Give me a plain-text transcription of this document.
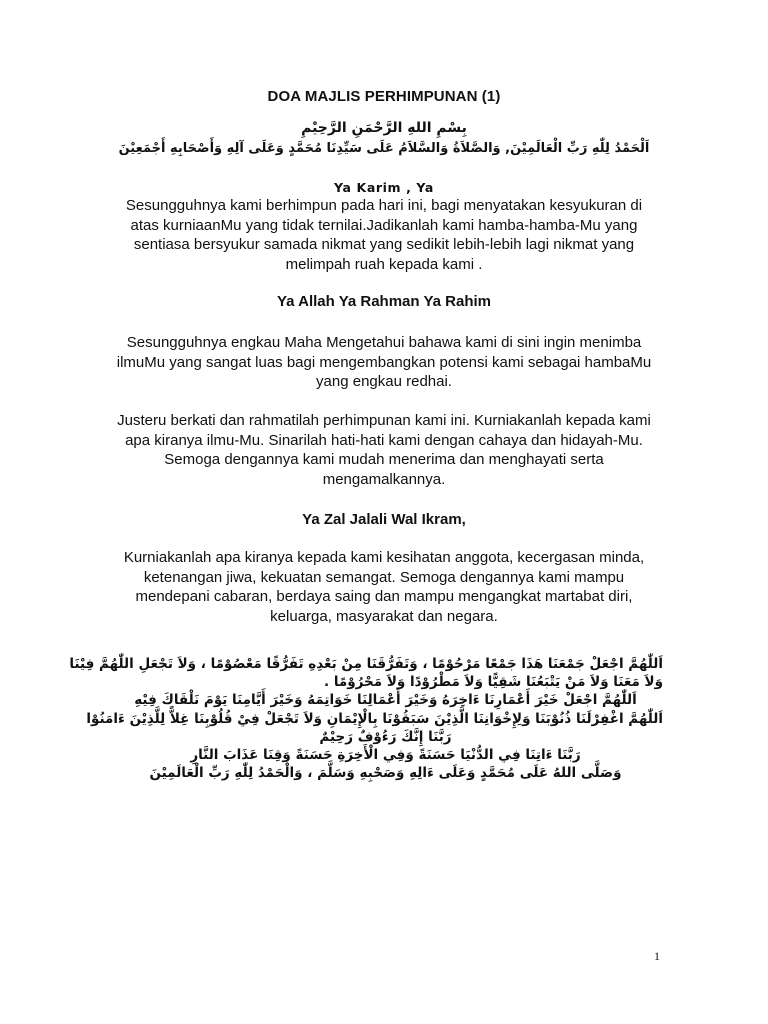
DOA MAJLIS PERHIMPUNAN (1)
بِسْمِ اللهِ الرَّحْمَنِ الرَّحِيْمِ
اَلْحَمْدُ لِلّٰهِ رَبِّ الْعَالَمِيْنَ, وَالصَّلاَةُ وَالسَّلاَمُ عَلَى سَيِّدِنَا مُحَمَّدٍ وَعَلَى آلِهِ وَأَصْحَابِهِ أَجْمَعِيْنَ
Ya Karim , Ya
Sesungguhnya kami berhimpun pada hari ini, bagi menyatakan kesyukuran di atas kurniaanMu yang tidak ternilai.Jadikanlah kami hamba-hamba-Mu yang sentiasa bersyukur samada nikmat yang sedikit lebih-lebih lagi nikmat yang melimpah ruah kepada kami .
Ya Allah Ya Rahman Ya Rahim
Sesungguhnya engkau Maha Mengetahui bahawa kami di sini ingin menimba ilmuMu yang sangat luas bagi mengembangkan potensi kami sebagai hambaMu yang engkau redhai.
Justeru berkati dan rahmatilah perhimpunan kami ini. Kurniakanlah kepada kami apa kiranya ilmu-Mu. Sinarilah hati-hati kami dengan cahaya dan hidayah-Mu. Semoga dengannya kami mudah menerima dan menghayati serta mengamalkannya.
Ya Zal Jalali Wal Ikram,
Kurniakanlah apa kiranya kepada kami kesihatan anggota, kecergasan minda, ketenangan jiwa, kekuatan semangat. Semoga dengannya kami mampu mendepani cabaran, berdaya saing dan mampu mengangkat martabat diri, keluarga, masyarakat dan negara.
اَللّٰهُمَّ اجْعَلْ جَمْعَنَا هَذَا جَمْعًا مَرْحُوْمًا ، وَتَفَرُّقَنَا مِنْ بَعْدِهِ تَفَرُّقًا مَعْصُوْمًا ، وَلاَ تَجْعَلِ اللّٰهُمَّ فِيْنَا
وَلاَ مَعَنَا وَلاَ مَنْ يَتْبَعُنَا شَقِيًّا وَلاَ مَطْرُوْدًا وَلاَ مَحْرُوْمًا .
اَللّٰهُمَّ اجْعَلْ خَيْرَ أَعْمَارِنَا ءَاخِرَهُ وَخَيْرَ أَعْمَالِنَا خَوَاتِمَهُ وَخَيْرَ أَيَّامِنَا يَوْمَ نَلْقَاكَ فِيْهِ
اَللّٰهُمَّ اغْفِرْلَنَا ذُنُوْبَنَا وَلِإِخْوَانِنَا الَّذِيْنَ سَبَقُوْنَا بِالْإِيْمَانِ وَلاَ تَجْعَلْ فِيْ قُلُوْبِنَا غِلاًّ لِلَّذِيْنَ ءَامَنُوْا
رَبَّنَا إِنَّكَ رَءُوْفٌ رَحِيْمٌ
رَبَّنَا ءَاتِنَا فِي الدُّنْيَا حَسَنَةً وَفِي الْأَخِرَةِ حَسَنَةً وَقِنَا عَذَابَ النَّارِ
وَصَلَّى اللهُ عَلَى مُحَمَّدٍ وَعَلَى ءَالِهِ وَصَحْبِهِ وَسَلَّمَ ، وَالْحَمْدُ لِلّٰهِ رَبِّ الْعَالَمِيْنَ
1
